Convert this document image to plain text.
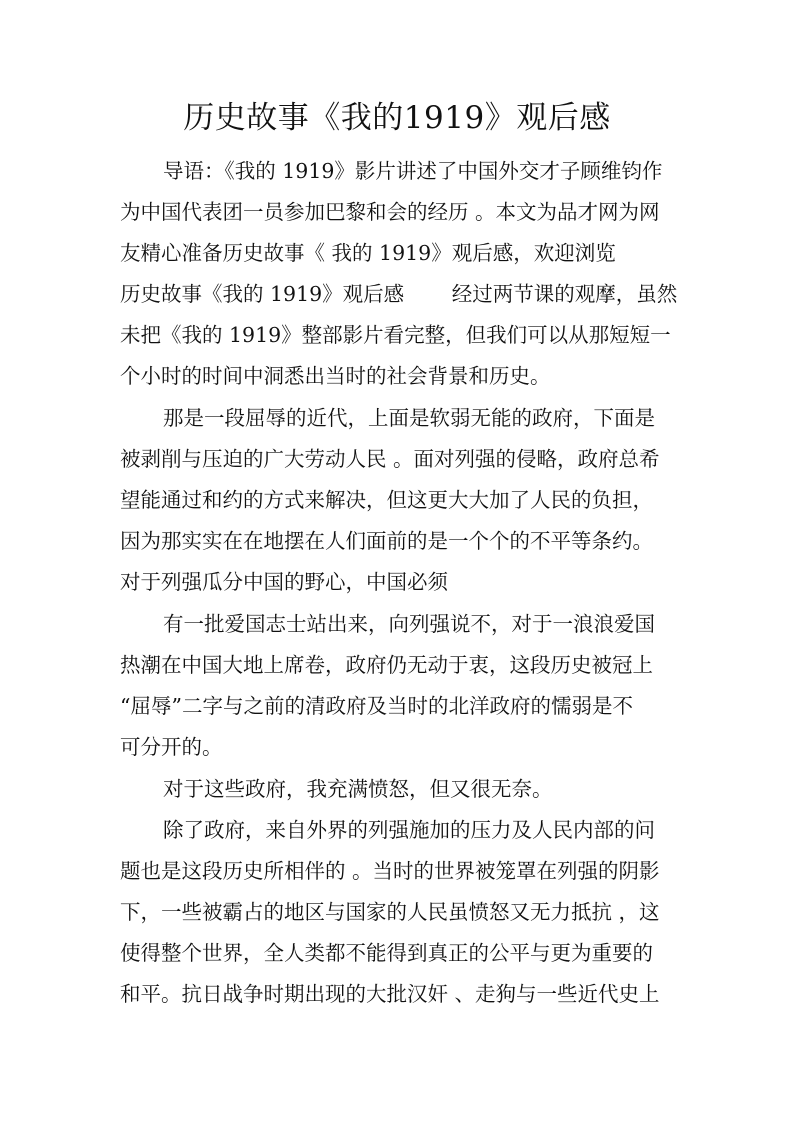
历史故事《我的1919》观后感

导语：《我的 1919》影片讲述了中国外交才子顾维钧作

为中国代表团一员参加巴黎和会的经历 。本文为品才网为网

友精心准备历史故事《 我的 1919》观后感，欢迎浏览

历史故事《我的 1919》观后感 　　经过两节课的观摩，虽然

未把《我的 1919》整部影片看完整，但我们可以从那短短一

个小时的时间中洞悉出当时的社会背景和历史。

那是一段屈辱的近代，上面是软弱无能的政府，下面是

被剥削与压迫的广大劳动人民 。面对列强的侵略，政府总希

望能通过和约的方式来解决，但这更大大加了人民的负担，

因为那实实在在地摆在人们面前的是一个个的不平等条约。

对于列强瓜分中国的野心，中国必须

有一批爱国志士站出来，向列强说不，对于一浪浪爱国

热潮在中国大地上席卷，政府仍无动于衷，这段历史被冠上

“屈辱”二字与之前的清政府及当时的北洋政府的懦弱是不

可分开的。

对于这些政府，我充满愤怒，但又很无奈。

除了政府，来自外界的列强施加的压力及人民内部的问

题也是这段历史所相伴的 。当时的世界被笼罩在列强的阴影

下，一些被霸占的地区与国家的人民虽愤怒又无力抵抗 ，这

使得整个世界，全人类都不能得到真正的公平与更为重要的

和平。抗日战争时期出现的大批汉奸 、走狗与一些近代史上
